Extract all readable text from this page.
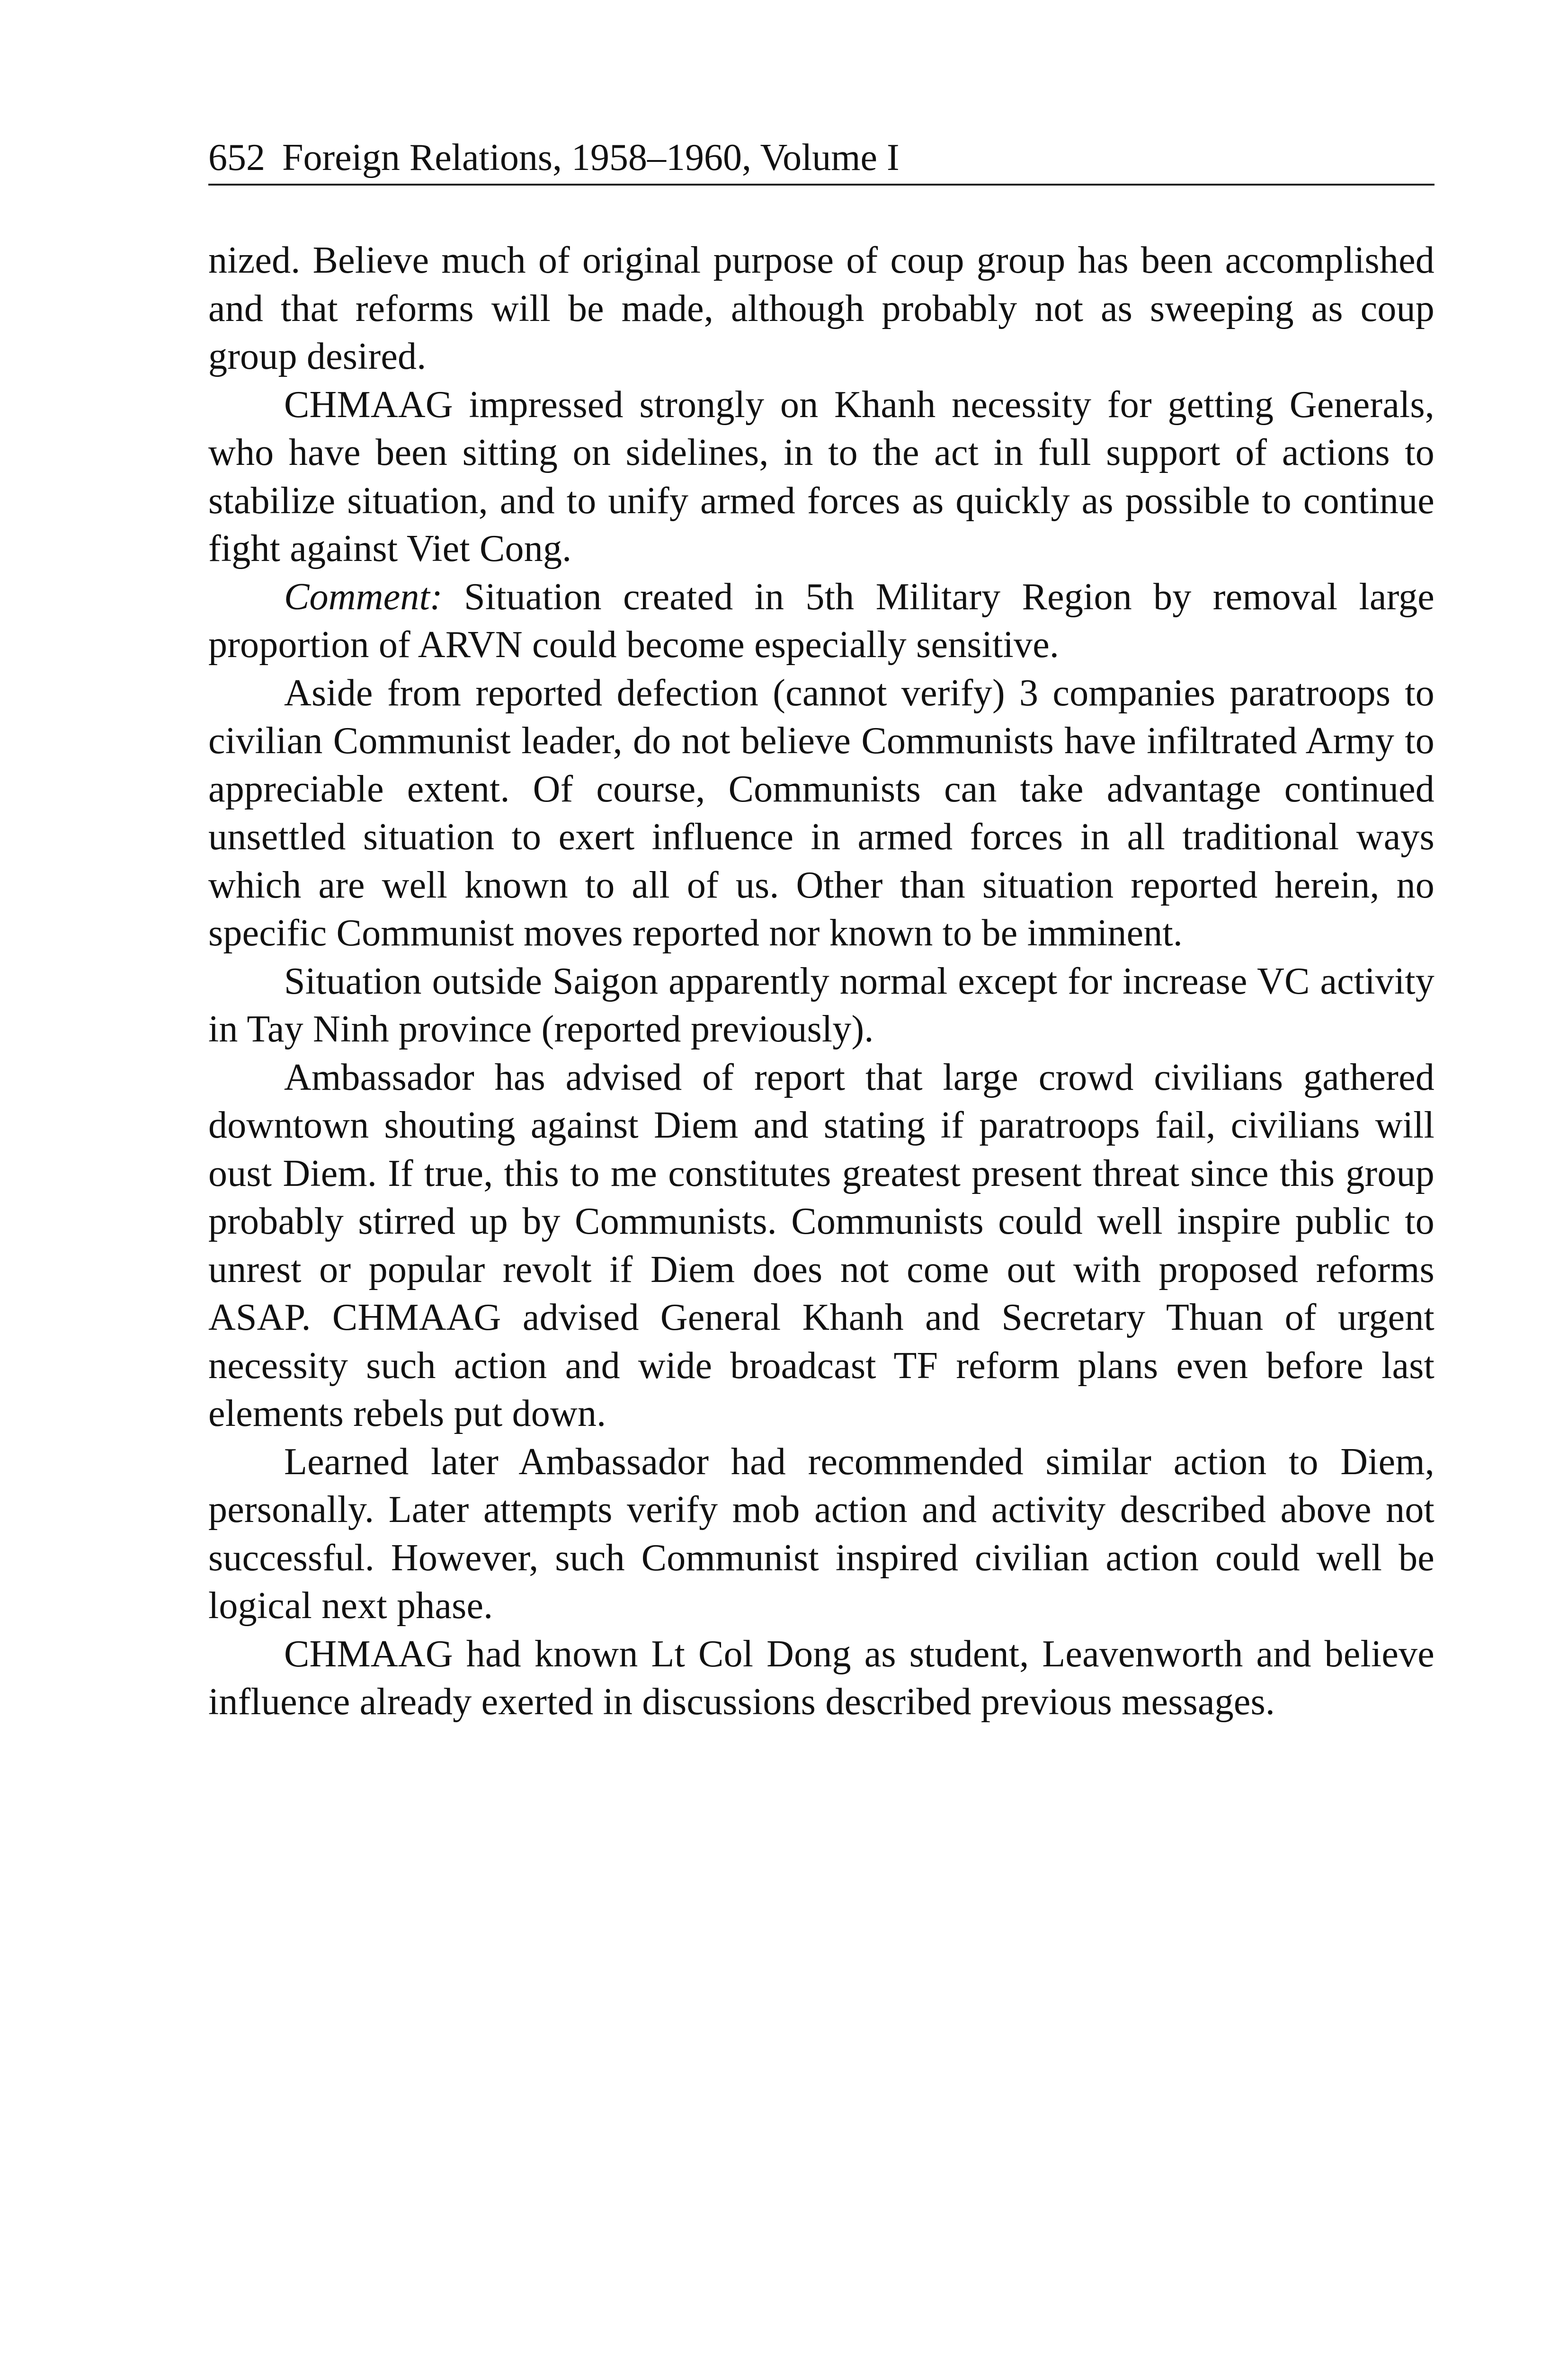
652 Foreign Relations, 1958–1960, Volume I

nized. Believe much of original purpose of coup group has been accomplished and that reforms will be made, although probably not as sweeping as coup group desired.

CHMAAG impressed strongly on Khanh necessity for getting Generals, who have been sitting on sidelines, in to the act in full support of actions to stabilize situation, and to unify armed forces as quickly as possible to continue fight against Viet Cong.

Comment: Situation created in 5th Military Region by removal large proportion of ARVN could become especially sensitive.

Aside from reported defection (cannot verify) 3 companies paratroops to civilian Communist leader, do not believe Communists have infiltrated Army to appreciable extent. Of course, Communists can take advantage continued unsettled situation to exert influence in armed forces in all traditional ways which are well known to all of us. Other than situation reported herein, no specific Communist moves reported nor known to be imminent.

Situation outside Saigon apparently normal except for increase VC activity in Tay Ninh province (reported previously).

Ambassador has advised of report that large crowd civilians gathered downtown shouting against Diem and stating if paratroops fail, civilians will oust Diem. If true, this to me constitutes greatest present threat since this group probably stirred up by Communists. Communists could well inspire public to unrest or popular revolt if Diem does not come out with proposed reforms ASAP. CHMAAG advised General Khanh and Secretary Thuan of urgent necessity such action and wide broadcast TF reform plans even before last elements rebels put down.

Learned later Ambassador had recommended similar action to Diem, personally. Later attempts verify mob action and activity described above not successful. However, such Communist inspired civilian action could well be logical next phase.

CHMAAG had known Lt Col Dong as student, Leavenworth and believe influence already exerted in discussions described previous messages.
